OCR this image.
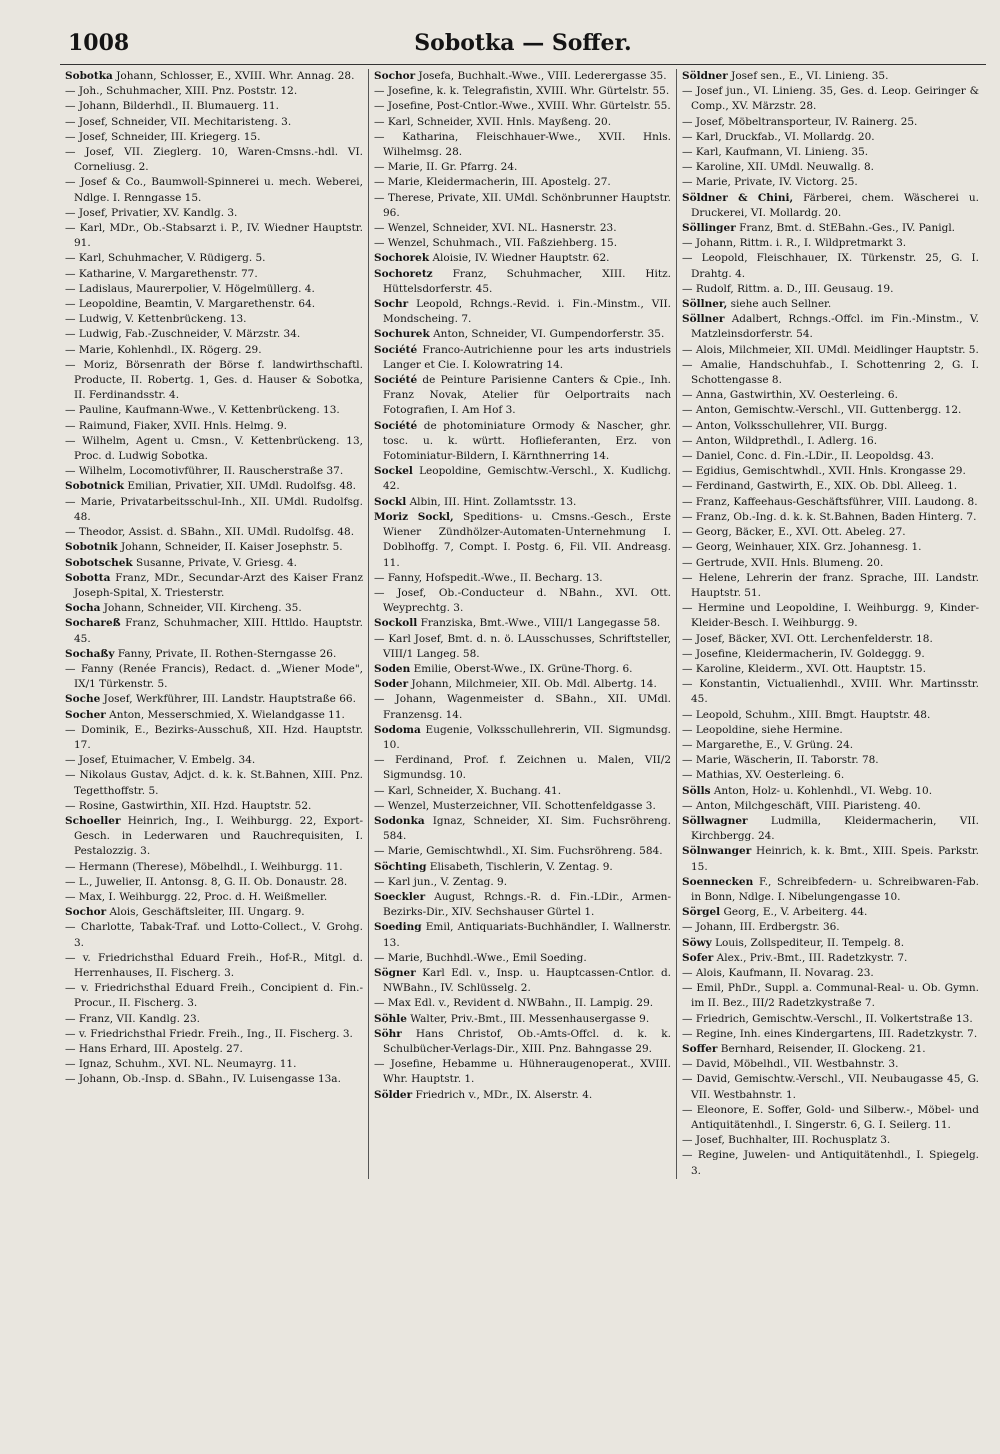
1008	Sobotka — Soffer.
Sobotka Johann, Schlosser, E., XVIII. Whr. Annag. 28.
— Joh., Schuhmacher, XIII. Pnz. Poststr. 12.
— Johann, Bilderhdl., II. Blumauerg. 11.
— Josef, Schneider, VII. Mechitaristeng. 3.
— Josef, Schneider, III. Kriegerg. 15.
— Josef, VII. Zieglerg. 10, Waren-Cmsns.-hdl. VI. Corneliusg. 2.
— Josef & Co., Baumwoll-Spinnerei u. mech. Weberei, Ndlge. I. Renngasse 15.
— Josef, Privatier, XV. Kandlg. 3.
— Karl, MDr., Ob.-Stabsarzt i. P., IV. Wiedner Hauptstr. 91.
— Karl, Schuhmacher, V. Rüdigerg. 5.
— Katharine, V. Margarethenstr. 77.
— Ladislaus, Maurerpolier, V. Högelmüllerg. 4.
— Leopoldine, Beamtin, V. Margarethenstr. 64.
— Ludwig, V. Kettenbrückeng. 13.
— Ludwig, Fab.-Zuschneider, V. Märzstr. 34.
— Marie, Kohlenhdl., IX. Rögerg. 29.
— Moriz, Börsenrath der Börse f. landwirthschaftl. Producte, II. Robertg. 1, Ges. d. Hauser & Sobotka, II. Ferdinandsstr. 4.
— Pauline, Kaufmann-Wwe., V. Kettenbrückeng. 13.
— Raimund, Fiaker, XVII. Hnls. Helmg. 9.
— Wilhelm, Agent u. Cmsn., V. Kettenbrückeng. 13, Proc. d. Ludwig Sobotka.
— Wilhelm, Locomotivführer, II. Rauscherstraße 37.
Sobotnick Emilian, Privatier, XII. UMdl. Rudolfsg. 48.
— Marie, Privatarbeitsschul-Inh., XII. UMdl. Rudolfsg. 48.
— Theodor, Assist. d. SBahn., XII. UMdl. Rudolfsg. 48.
Sobotnik Johann, Schneider, II. Kaiser Josephstr. 5.
Sobotschek Susanne, Private, V. Griesg. 4.
Sobotta Franz, MDr., Secundar-Arzt des Kaiser Franz Joseph-Spital, X. Triesterstr.
Socha Johann, Schneider, VII. Kircheng. 35.
Sochareß Franz, Schuhmacher, XIII. Httldo. Hauptstr. 45.
Sochaßy Fanny, Private, II. Rothen-Sterngasse 26.
— Fanny (Renée Francis), Redact. d. „Wiener Mode", IX/1 Türkenstr. 5.
Soche Josef, Werkführer, III. Landstr. Hauptstraße 66.
Socher Anton, Messerschmied, X. Wielandgasse 11.
— Dominik, E., Bezirks-Ausschuß, XII. Hzd. Hauptstr. 17.
— Josef, Etuimacher, V. Embelg. 34.
— Nikolaus Gustav, Adjct. d. k. k. St.Bahnen, XIII. Pnz. Tegetthoffstr. 5.
— Rosine, Gastwirthin, XII. Hzd. Hauptstr. 52.
Schoeller Heinrich, Ing., I. Weihburgg. 22, Export-Gesch. in Lederwaren und Rauchrequisiten, I. Pestalozzig. 3.
— Hermann (Therese), Möbelhdl., I. Weihburgg. 11.
— L., Juwelier, II. Antonsg. 8, G. II. Ob. Donaustr. 28.
— Max, I. Weihburgg. 22, Proc. d. H. Weißmeller.
Sochor Alois, Geschäftsleiter, III. Ungarg. 9.
— Charlotte, Tabak-Traf. und Lotto-Collect., V. Grohg. 3.
— v. Friedrichsthal Eduard Freih., Hof-R., Mitgl. d. Herrenhauses, II. Fischerg. 3.
— v. Friedrichsthal Eduard Freih., Concipient d. Fin.-Procur., II. Fischerg. 3.
— Franz, VII. Kandlg. 23.
— v. Friedrichsthal Friedr. Freih., Ing., II. Fischerg. 3.
— Hans Erhard, III. Apostelg. 27.
— Ignaz, Schuhm., XVI. NL. Neumayrg. 11.
— Johann, Ob.-Insp. d. SBahn., IV. Luisengasse 13a.
Sochor Josefa, Buchhalt.-Wwe., VIII. Lederergasse 35.
— Josefine, k. k. Telegrafistin, XVIII. Whr. Gürtelstr. 55.
— Josefine, Post-Cntlor.-Wwe., XVIII. Whr. Gürtelstr. 55.
— Karl, Schneider, XVII. Hnls. Mayßeng. 20.
— Katharina, Fleischhauer-Wwe., XVII. Hnls. Wilhelmsg. 28.
— Marie, II. Gr. Pfarrg. 24.
— Marie, Kleidermacherin, III. Apostelg. 27.
— Therese, Private, XII. UMdl. Schönbrunner Hauptstr. 96.
— Wenzel, Schneider, XVI. NL. Hasnerstr. 23.
— Wenzel, Schuhmach., VII. Faßziehberg. 15.
Sochorek Aloisie, IV. Wiedner Hauptstr. 62.
Sochoretz Franz, Schuhmacher, XIII. Hitz. Hüttelsdorferstr. 45.
Sochr Leopold, Rchngs.-Revid. i. Fin.-Minstm., VII. Mondscheing. 7.
Sochurek Anton, Schneider, VI. Gumpendorferstr. 35.
Société Franco-Autrichienne pour les arts industriels Langer et Cie. I. Kolowratring 14.
Société de Peinture Parisienne Canters & Cpie., Inh. Franz Novak, Atelier für Oelportraits nach Fotografien, I. Am Hof 3.
Société de photominiature Ormody & Nascher, ghr. tosc. u. k. württ. Hoflieferanten, Erz. von Fotominiatur-Bildern, I. Kärnthnerring 14.
Sockel Leopoldine, Gemischtw.-Verschl., X. Kudlichg. 42.
Sockl Albin, III. Hint. Zollamtsstr. 13.
Moriz Sockl, Speditions- u. Cmsns.-Gesch., Erste Wiener Zündhölzer-Automaten-Unternehmung I. Doblhoffg. 7, Compt. I. Postg. 6, Fil. VII. Andreasg. 11.
— Fanny, Hofspedit.-Wwe., II. Becharg. 13.
— Josef, Ob.-Conducteur d. NBahn., XVI. Ott. Weyprechtg. 3.
Sockoll Franziska, Bmt.-Wwe., VIII/1 Langegasse 58.
— Karl Josef, Bmt. d. n. ö. LAusschusses, Schriftsteller, VIII/1 Langeg. 58.
Soden Emilie, Oberst-Wwe., IX. Grüne-Thorg. 6.
Soder Johann, Milchmeier, XII. Ob. Mdl. Albertg. 14.
— Johann, Wagenmeister d. SBahn., XII. UMdl. Franzensg. 14.
Sodoma Eugenie, Volksschullehrerin, VII. Sigmundsg. 10.
— Ferdinand, Prof. f. Zeichnen u. Malen, VII/2 Sigmundsg. 10.
— Karl, Schneider, X. Buchang. 41.
— Wenzel, Musterzeichner, VII. Schottenfeldgasse 3.
Sodonka Ignaz, Schneider, XI. Sim. Fuchsröhreng. 584.
— Marie, Gemischtwhdl., XI. Sim. Fuchsröhreng. 584.
Söchting Elisabeth, Tischlerin, V. Zentag. 9.
— Karl jun., V. Zentag. 9.
Soeckler August, Rchngs.-R. d. Fin.-LDir., Armen-Bezirks-Dir., XIV. Sechshauser Gürtel 1.
Soeding Emil, Antiquariats-Buchhändler, I. Wallnerstr. 13.
— Marie, Buchhdl.-Wwe., Emil Soeding.
Sögner Karl Edl. v., Insp. u. Hauptcassen-Cntlor. d. NWBahn., IV. Schlüsselg. 2.
— Max Edl. v., Revident d. NWBahn., II. Lampig. 29.
Söhle Walter, Priv.-Bmt., III. Messenhausergasse 9.
Söhr Hans Christof, Ob.-Amts-Offcl. d. k. k. Schulbücher-Verlags-Dir., XIII. Pnz. Bahngasse 29.
— Josefine, Hebamme u. Hühneraugenoperat., XVIII. Whr. Hauptstr. 1.
Sölder Friedrich v., MDr., IX. Alserstr. 4.
Söldner Josef sen., E., VI. Linieng. 35.
— Josef jun., VI. Linieng. 35, Ges. d. Leop. Geiringer & Comp., XV. Märzstr. 28.
— Josef, Möbeltransporteur, IV. Rainerg. 25.
— Karl, Druckfab., VI. Mollardg. 20.
— Karl, Kaufmann, VI. Linieng. 35.
— Karoline, XII. UMdl. Neuwallg. 8.
— Marie, Private, IV. Victorg. 25.
Söldner & Chini, Färberei, chem. Wäscherei u. Druckerei, VI. Mollardg. 20.
Söllinger Franz, Bmt. d. StEBahn.-Ges., IV. Panigl.
— Johann, Rittm. i. R., I. Wildpretmarkt 3.
— Leopold, Fleischhauer, IX. Türkenstr. 25, G. I. Drahtg. 4.
— Rudolf, Rittm. a. D., III. Geusaug. 19.
Söllner, siehe auch Sellner.
Söllner Adalbert, Rchngs.-Offcl. im Fin.-Minstm., V. Matzleinsdorferstr. 54.
— Alois, Milchmeier, XII. UMdl. Meidlinger Hauptstr. 5.
— Amalie, Handschuhfab., I. Schottenring 2, G. I. Schottengasse 8.
— Anna, Gastwirthin, XV. Oesterleing. 6.
— Anton, Gemischtw.-Verschl., VII. Guttenbergg. 12.
— Anton, Volksschullehrer, VII. Burgg.
— Anton, Wildprethdl., I. Adlerg. 16.
— Daniel, Conc. d. Fin.-LDir., II. Leopoldsg. 43.
— Egidius, Gemischtwhdl., XVII. Hnls. Krongasse 29.
— Ferdinand, Gastwirth, E., XIX. Ob. Dbl. Alleeg. 1.
— Franz, Kaffeehaus-Geschäftsführer, VIII. Laudong. 8.
— Franz, Ob.-Ing. d. k. k. St.Bahnen, Baden Hinterg. 7.
— Georg, Bäcker, E., XVI. Ott. Abeleg. 27.
— Georg, Weinhauer, XIX. Grz. Johannesg. 1.
— Gertrude, XVII. Hnls. Blumeng. 20.
— Helene, Lehrerin der franz. Sprache, III. Landstr. Hauptstr. 51.
— Hermine und Leopoldine, I. Weihburgg. 9, Kinder-Kleider-Besch. I. Weihburgg. 9.
— Josef, Bäcker, XVI. Ott. Lerchenfelderstr. 18.
— Josefine, Kleidermacherin, IV. Goldeggg. 9.
— Karoline, Kleiderm., XVI. Ott. Hauptstr. 15.
— Konstantin, Victualienhdl., XVIII. Whr. Martinsstr. 45.
— Leopold, Schuhm., XIII. Bmgt. Hauptstr. 48.
— Leopoldine, siehe Hermine.
— Margarethe, E., V. Grüng. 24.
— Marie, Wäscherin, II. Taborstr. 78.
— Mathias, XV. Oesterleing. 6.
Sölls Anton, Holz- u. Kohlenhdl., VI. Webg. 10.
— Anton, Milchgeschäft, VIII. Piaristeng. 40.
Söllwagner Ludmilla, Kleidermacherin, VII. Kirchbergg. 24.
Sölnwanger Heinrich, k. k. Bmt., XIII. Speis. Parkstr. 15.
Soennecken F., Schreibfedern- u. Schreibwaren-Fab. in Bonn, Ndlge. I. Nibelungengasse 10.
Sörgel Georg, E., V. Arbeiterg. 44.
— Johann, III. Erdbergstr. 36.
Söwy Louis, Zollspediteur, II. Tempelg. 8.
Sofer Alex., Priv.-Bmt., III. Radetzkystr. 7.
— Alois, Kaufmann, II. Novarag. 23.
— Emil, PhDr., Suppl. a. Communal-Real- u. Ob. Gymn. im II. Bez., III/2 Radetzkystraße 7.
— Friedrich, Gemischtw.-Verschl., II. Volkertstraße 13.
— Regine, Inh. eines Kindergartens, III. Radetzkystr. 7.
Soffer Bernhard, Reisender, II. Glockeng. 21.
— David, Möbelhdl., VII. Westbahnstr. 3.
— David, Gemischtw.-Verschl., VII. Neubaugasse 45, G. VII. Westbahnstr. 1.
— Eleonore, E. Soffer, Gold- und Silberw.-, Möbel- und Antiquitätenhdl., I. Singerstr. 6, G. I. Seilerg. 11.
— Josef, Buchhalter, III. Rochusplatz 3.
— Regine, Juwelen- und Antiquitätenhdl., I. Spiegelg. 3.
